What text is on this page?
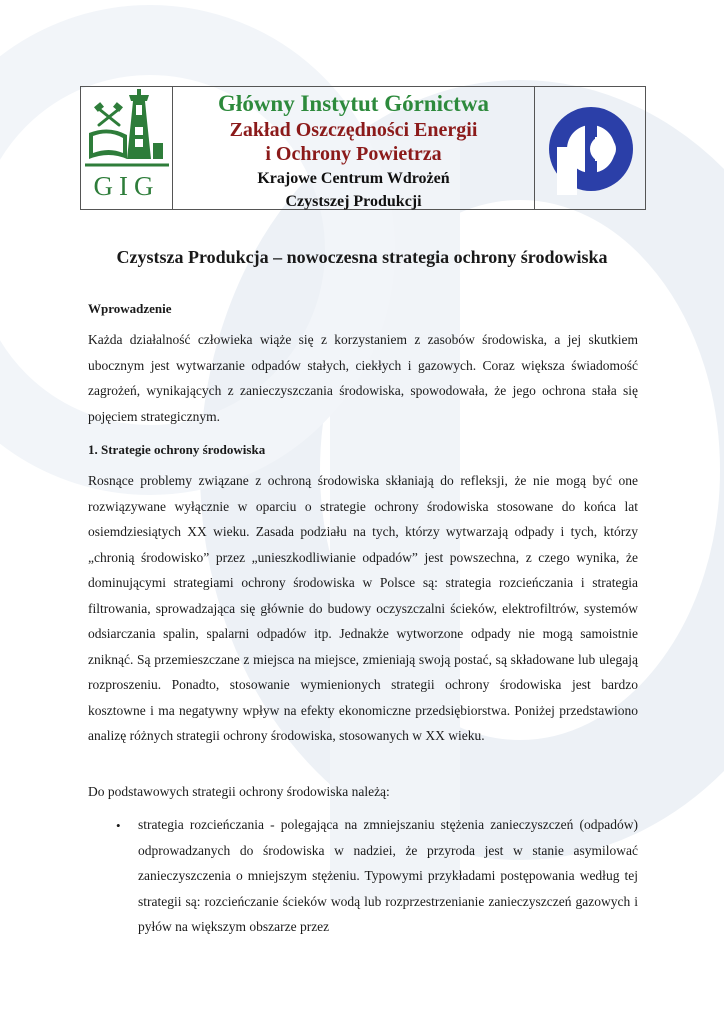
GIG
Główny Instytut Górnictwa
Zakład Oszczędności Energii
i Ochrony Powietrza
Krajowe Centrum Wdrożeń
Czystszej Produkcji
Czystsza Produkcja – nowoczesna strategia ochrony środowiska
Wprowadzenie
Każda działalność człowieka wiąże się z korzystaniem z zasobów środowiska, a jej skutkiem ubocznym jest wytwarzanie odpadów stałych, ciekłych i gazowych. Coraz większa świadomość zagrożeń, wynikających z zanieczyszczania środowiska, spowodowała, że jego ochrona stała się pojęciem strategicznym.
1. Strategie ochrony środowiska
Rosnące problemy związane z ochroną środowiska skłaniają do refleksji, że nie mogą być one rozwiązywane wyłącznie w oparciu o strategie ochrony środowiska stosowane do końca lat osiemdziesiątych XX wieku. Zasada podziału na tych, którzy wytwarzają odpady i tych, którzy „chronią środowisko” przez „unieszkodliwianie odpadów” jest powszechna, z czego wynika, że dominującymi strategiami ochrony środowiska w Polsce są: strategia rozcieńczania i strategia filtrowania, sprowadzająca się głównie do budowy oczyszczalni ścieków, elektrofiltrów, systemów odsiarczania spalin, spalarni odpadów itp. Jednakże wytworzone odpady nie mogą samoistnie zniknąć. Są przemieszczane z miejsca na miejsce, zmieniają swoją postać, są składowane lub ulegają rozproszeniu. Ponadto, stosowanie wymienionych strategii ochrony środowiska jest bardzo kosztowne i ma negatywny wpływ na efekty ekonomiczne przedsiębiorstwa. Poniżej przedstawiono analizę różnych strategii ochrony środowiska, stosowanych w XX wieku.
Do podstawowych strategii ochrony środowiska należą:
• strategia rozcieńczania - polegająca na zmniejszaniu stężenia zanieczyszczeń (odpadów) odprowadzanych do środowiska w nadziei, że przyroda jest w stanie asymilować zanieczyszczenia o mniejszym stężeniu. Typowymi przykładami postępowania według tej strategii są: rozcieńczanie ścieków wodą lub rozprzestrzenianie zanieczyszczeń gazowych i pyłów na większym obszarze przez
